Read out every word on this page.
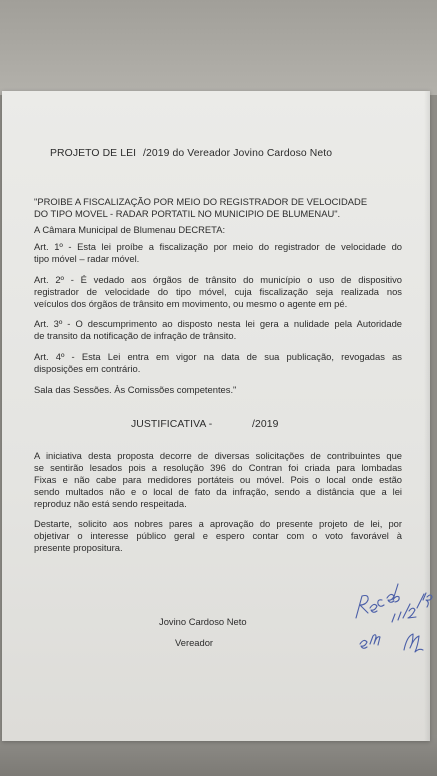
PROJETO DE LEI /2019 do Vereador Jovino Cardoso Neto
"PROIBE A FISCALIZAÇÃO POR MEIO DO REGISTRADOR DE VELOCIDADE
DO TIPO MOVEL - RADAR PORTATIL NO MUNICIPIO DE BLUMENAU".
A Câmara Municipal de Blumenau DECRETA:
Art. 1º - Esta lei proíbe a fiscalização por meio do registrador de velocidade do
tipo móvel – radar móvel.
Art. 2º - É vedado aos órgãos de trânsito do município o uso de dispositivo
registrador de velocidade do tipo móvel, cuja fiscalização seja realizada nos
veículos dos órgãos de trânsito em movimento, ou mesmo o agente em pé.
Art. 3º - O descumprimento ao disposto nesta lei gera a nulidade pela Autoridade
de transito da notificação de infração de trânsito.
Art. 4º - Esta Lei entra em vigor na data de sua publicação, revogadas as
disposições em contrário.
Sala das Sessões. Às Comissões competentes."
JUSTIFICATIVA -	/2019
A iniciativa desta proposta decorre de diversas solicitações de contribuintes que
se sentirão lesados pois a resolução 396 do Contran foi criada para lombadas
Fixas e não cabe para medidores portáteis ou móvel. Pois o local onde estão
sendo multados não e o local de fato da infração, sendo a distância que a lei
reproduz não está sendo respeitada.
Destarte, solicito aos nobres pares a aprovação do presente projeto de lei, por
objetivar o interesse público geral e espero contar com o voto favorável à
presente propositura.
Jovino Cardoso Neto
Vereador
Receb em 11/2/19
